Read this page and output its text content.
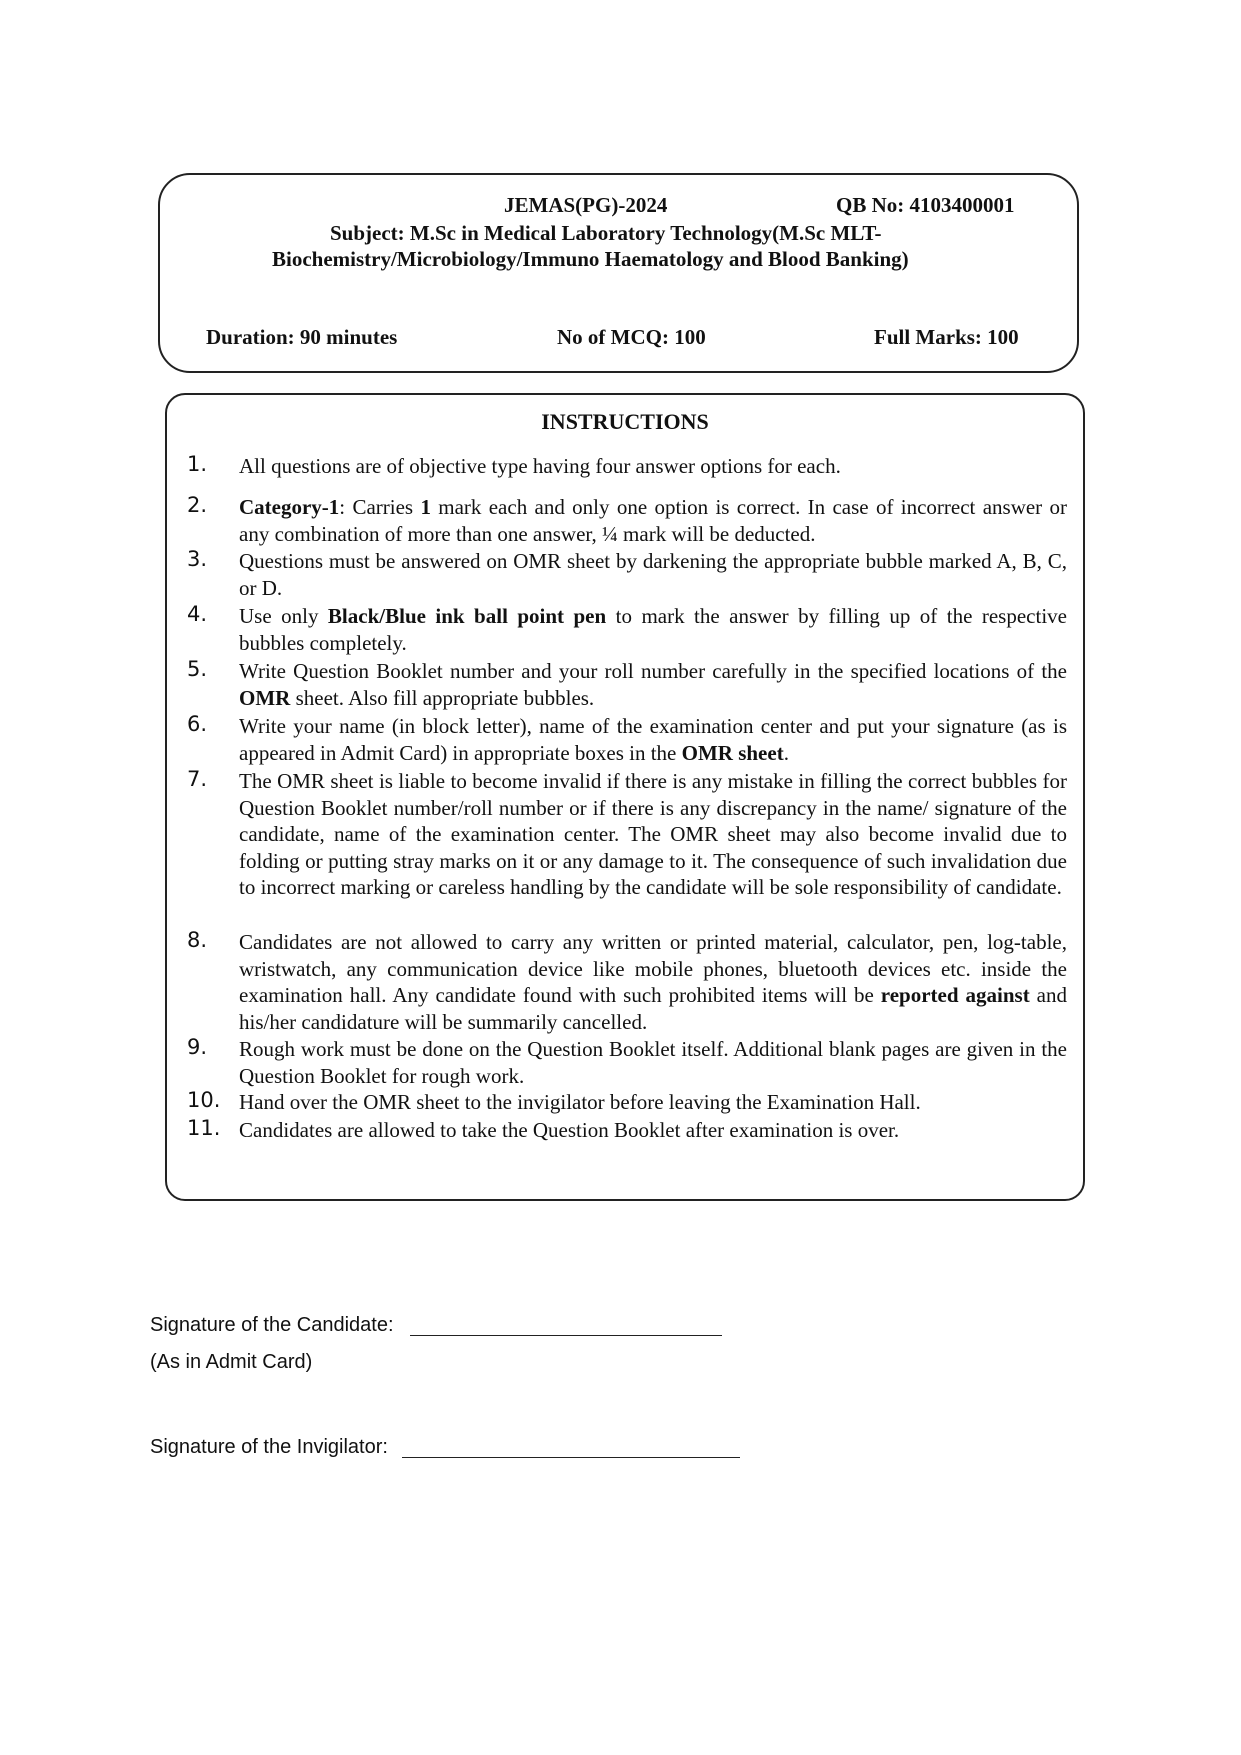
JEMAS(PG)-2024	QB No: 4103400001
Subject: M.Sc in Medical Laboratory Technology(M.Sc MLT-
Biochemistry/Microbiology/Immuno Haematology and Blood Banking)
Duration: 90 minutes	No of MCQ: 100	Full Marks: 100
INSTRUCTIONS
1. All questions are of objective type having four answer options for each.
2. Category-1: Carries 1 mark each and only one option is correct. In case of incorrect answer or any combination of more than one answer, ¼ mark will be deducted.
3. Questions must be answered on OMR sheet by darkening the appropriate bubble marked A, B, C, or D.
4. Use only Black/Blue ink ball point pen to mark the answer by filling up of the respective bubbles completely.
5. Write Question Booklet number and your roll number carefully in the specified locations of the OMR sheet. Also fill appropriate bubbles.
6. Write your name (in block letter), name of the examination center and put your signature (as is appeared in Admit Card) in appropriate boxes in the OMR sheet.
7. The OMR sheet is liable to become invalid if there is any mistake in filling the correct bubbles for Question Booklet number/roll number or if there is any discrepancy in the name/ signature of the candidate, name of the examination center. The OMR sheet may also become invalid due to folding or putting stray marks on it or any damage to it. The consequence of such invalidation due to incorrect marking or careless handling by the candidate will be sole responsibility of candidate.
8. Candidates are not allowed to carry any written or printed material, calculator, pen, log-table, wristwatch, any communication device like mobile phones, bluetooth devices etc. inside the examination hall. Any candidate found with such prohibited items will be reported against and his/her candidature will be summarily cancelled.
9. Rough work must be done on the Question Booklet itself. Additional blank pages are given in the Question Booklet for rough work.
10. Hand over the OMR sheet to the invigilator before leaving the Examination Hall.
11. Candidates are allowed to take the Question Booklet after examination is over.
Signature of the Candidate:
(As in Admit Card)
Signature of the Invigilator:
